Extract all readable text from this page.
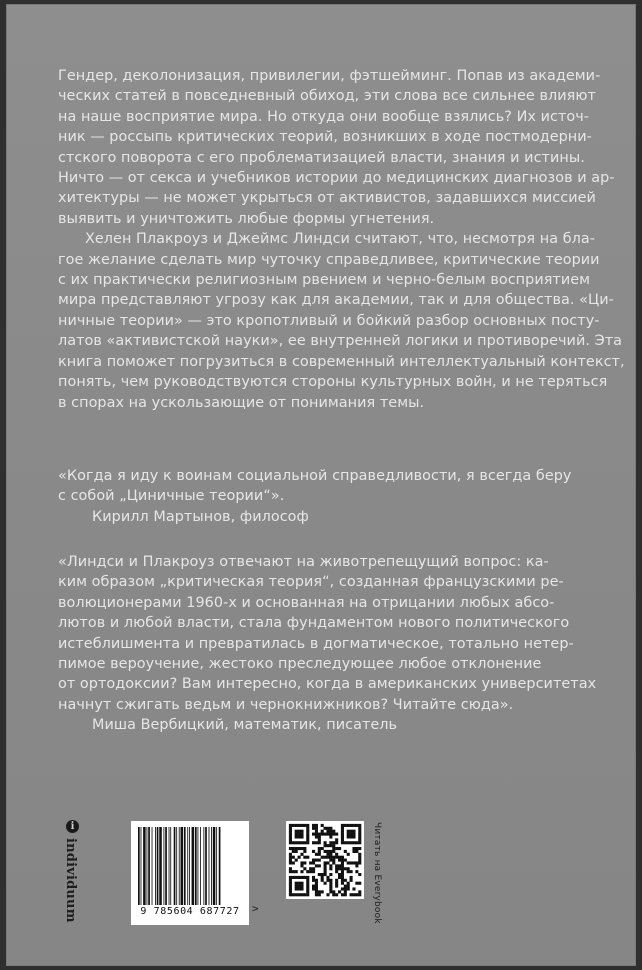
Гендер, деколонизация, привилегии, фэтшейминг. Попав из академи-
ческих статей в повседневный обиход, эти слова все сильнее влияют
на наше восприятие мира. Но откуда они вообще взялись? Их источ-
ник — россыпь критических теорий, возникших в ходе постмодерни-
стского поворота с его проблематизацией власти, знания и истины.
Ничто — от секса и учебников истории до медицинских диагнозов и ар-
хитектуры — не может укрыться от активистов, задавшихся миссией
выявить и уничтожить любые формы угнетения.
Хелен Плакроуз и Джеймс Линдси считают, что, несмотря на бла-
гое желание сделать мир чуточку справедливее, критические теории
с их практически религиозным рвением и черно-белым восприятием
мира представляют угрозу как для академии, так и для общества. «Ци-
ничные теории» — это кропотливый и бойкий разбор основных посту-
латов «активистской науки», ее внутренней логики и противоречий. Эта
книга поможет погрузиться в современный интеллектуальный контекст,
понять, чем руководствуются стороны культурных войн, и не теряться
в спорах на ускользающие от понимания темы.
«Когда я иду к воинам социальной справедливости, я всегда беру
с собой „Циничные теории“».
Кирилл Мартынов, философ
«Линдси и Плакроуз отвечают на животрепещущий вопрос: ка-
ким образом „критическая теория“, созданная французскими ре-
волюционерами 1960-х и основанная на отрицании любых абсо-
лютов и любой власти, стала фундаментом нового политического
истеблишмента и превратилась в догматическое, тотально нетер-
пимое вероучение, жестоко преследующее любое отклонение
от ортодоксии? Вам интересно, когда в американских университетах
начнут сжигать ведьм и чернокнижников? Читайте сюда».
Миша Вербицкий, математик, писатель
i
individuum	9 785604 687727	>	Читать на Everybook
